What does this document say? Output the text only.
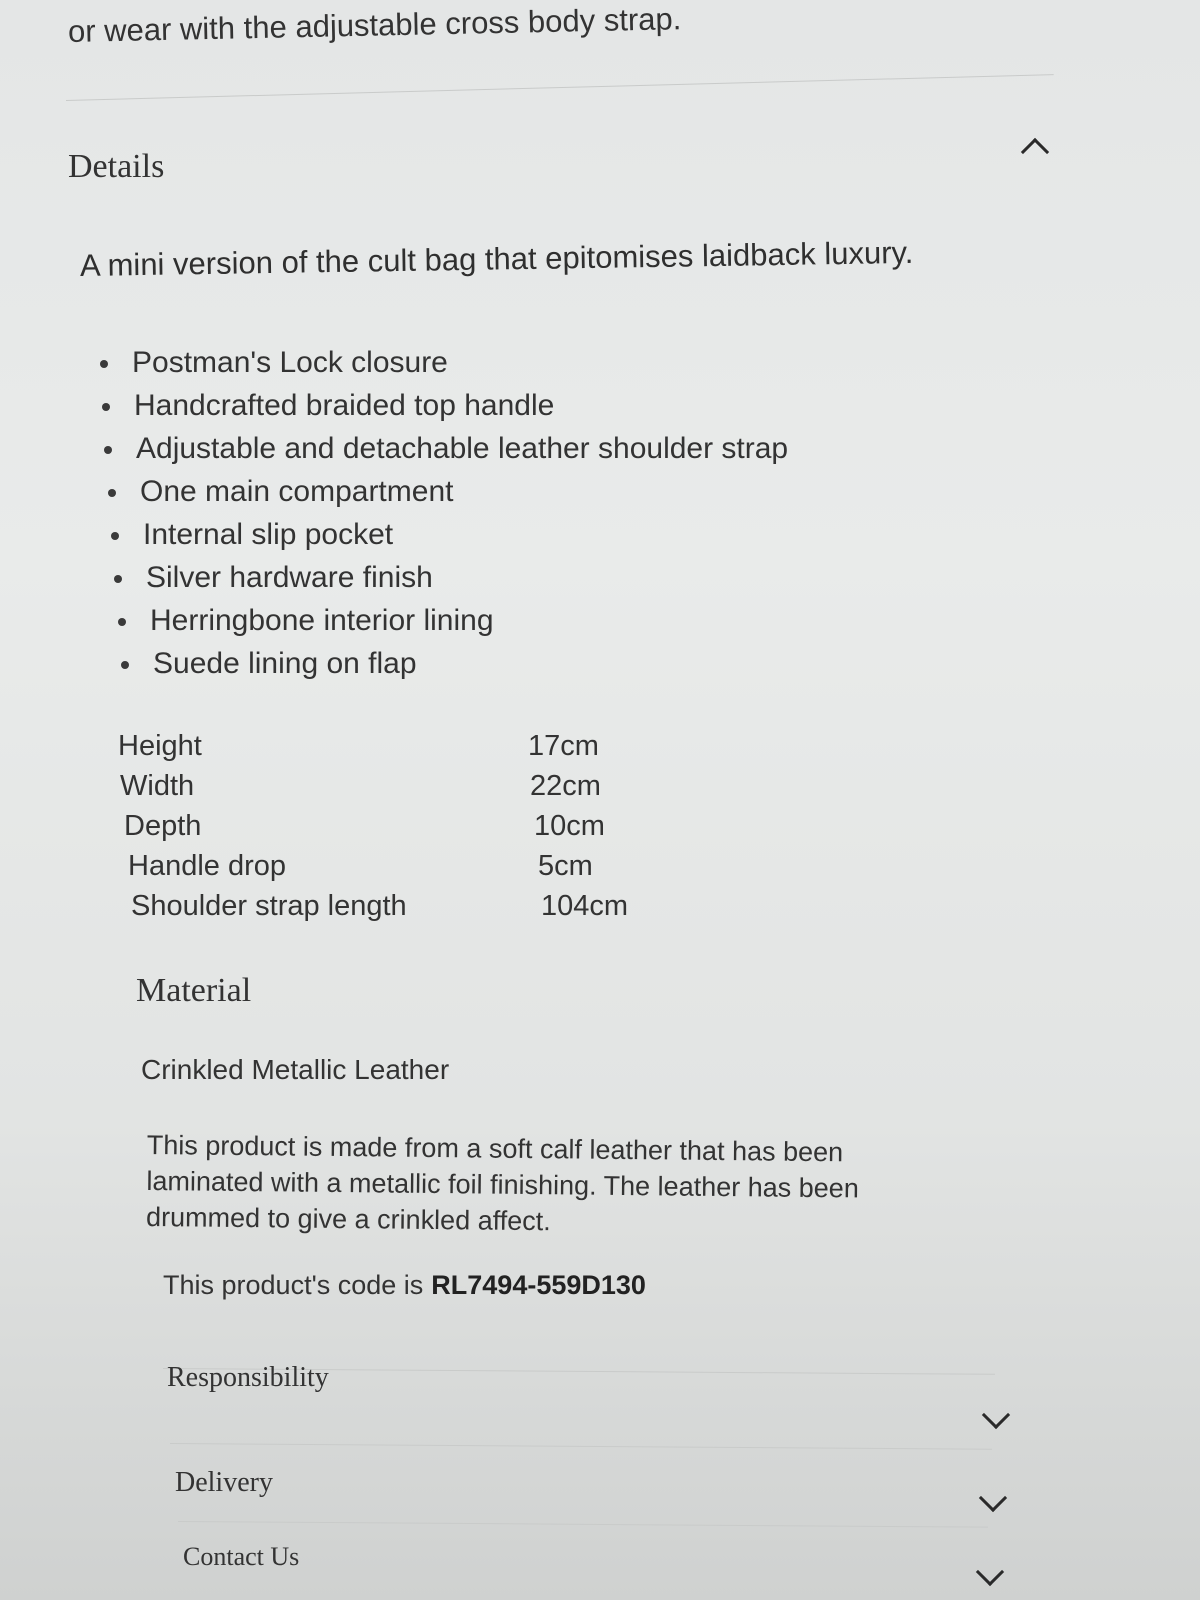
or wear with the adjustable cross body strap.
Details
A mini version of the cult bag that epitomises laidback luxury.
Postman's Lock closure
Handcrafted braided top handle
Adjustable and detachable leather shoulder strap
One main compartment
Internal slip pocket
Silver hardware finish
Herringbone interior lining
Suede lining on flap
Height	17cm
Width	22cm
Depth	10cm
Handle drop	5cm
Shoulder strap length	104cm
Material
Crinkled Metallic Leather
This product is made from a soft calf leather that has been laminated with a metallic foil finishing. The leather has been drummed to give a crinkled affect.
This product's code is RL7494-559D130
Responsibility
Delivery
Contact Us
